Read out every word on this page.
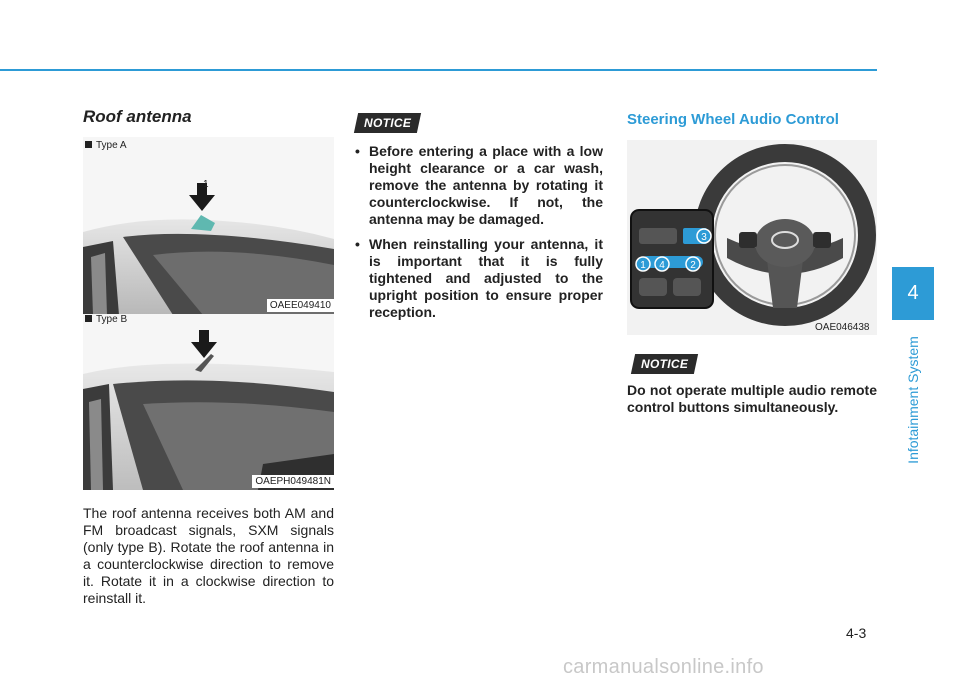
Roof antenna
Type A
1
OAEE049410
Type B
OAEPH049481N
The roof antenna receives both AM and FM broadcast signals, SXM signals (only type B). Rotate the roof antenna in a counterclockwise direction to remove it. Rotate it in a clockwise direction to reinstall it.
NOTICE
• Before entering a place with a low height clearance or a car wash, remove the antenna by rotating it counterclockwise. If not, the antenna may be damaged.
• When reinstalling your antenna, it is important that it is fully tightened and adjusted to the upright position to ensure proper reception.
Steering Wheel Audio Control
1	2
3
4
OAE046438
NOTICE
Do not operate multiple audio remote control buttons simultaneously.
4
Infotainment System
4-3
carmanualsonline.info
